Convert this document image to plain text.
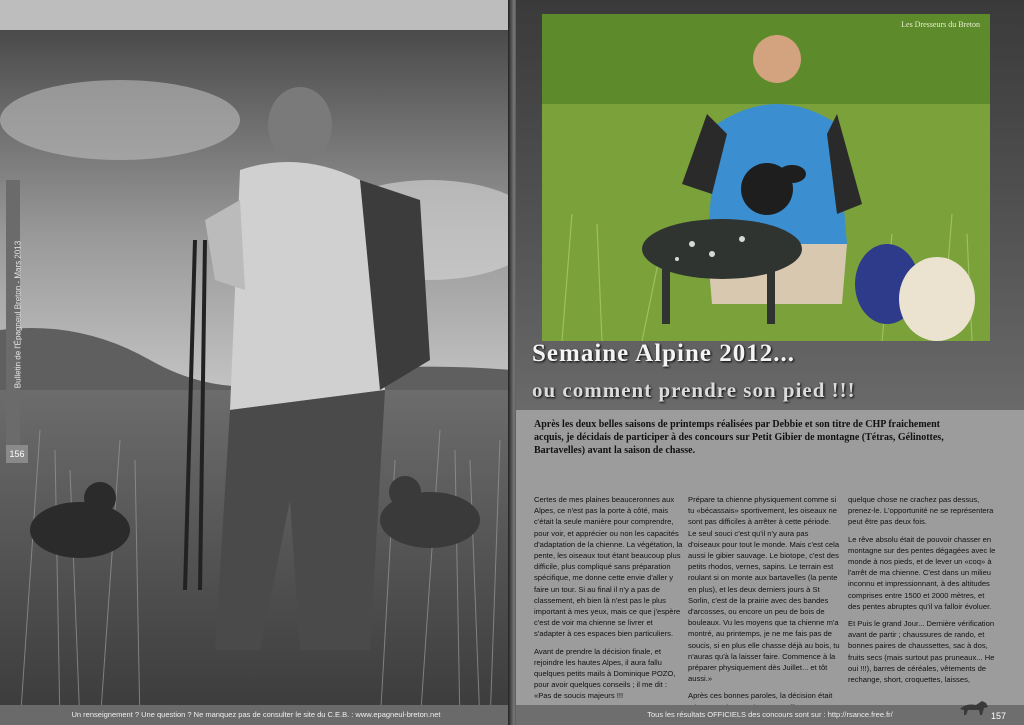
Bulletin de l'Épagneul Breton - Mars 2013
156
Un renseignement ? Une question ? Ne manquez pas de consulter le site du C.E.B. : www.epagneul-breton.net
Les Dresseurs du Breton
Semaine Alpine 2012...
ou comment prendre son pied !!!
Après les deux belles saisons de printemps réalisées par Debbie et son titre de CHP fraichement acquis, je décidais de participer à des concours sur Petit Gibier de montagne (Tétras, Gélinottes, Bartavelles) avant la saison de chasse.

Certes de mes plaines beauceronnes aux Alpes, ce n'est pas la porte à côté, mais c'était la seule manière pour comprendre, pour voir, et apprécier ou non les capacités d'adaptation de la chienne. La végétation, la pente, les oiseaux tout étant beaucoup plus difficile, plus compliqué sans préparation spécifique, me donne cette envie d'aller y faire un tour. Si au final il n'y a pas de classement, eh bien là n'est pas le plus important à mes yeux, mais ce que j'espère c'est de voir ma chienne se livrer et s'adapter à ces espaces bien particuliers.

Avant de prendre la décision finale, et rejoindre les hautes Alpes, il aura fallu quelques petits mails à Dominique POZO, pour avoir quelques conseils ; il me dit : «Pas de soucis majeurs !!!

Prépare ta chienne physiquement comme si tu «bécassais» sportivement, les oiseaux ne sont pas difficiles à arrêter à cette période. Le seul souci c'est qu'il n'y aura pas d'oiseaux pour tout le monde. Mais c'est cela aussi le gibier sauvage. Le biotope, c'est des petits rhodos, vernes, sapins. Le terrain est roulant si on monte aux bartavelles (la pente en plus), et les deux derniers jours à St Sorlin, c'est de la prairie avec des bandes d'arcosses, ou encore un peu de bois de bouleaux. Vu les moyens que ta chienne m'a montré, au printemps, je ne me fais pas de soucis, si en plus elle chasse déjà au bois, tu n'auras qu'à la laisser faire. Commence à la préparer physiquement dès Juillet... et tôt aussi.»

Après ces bonnes paroles, la décision était

quelque chose ne crachez pas dessus, prenez-le. L'opportunité ne se représentera peut être pas deux fois.

Le rêve absolu était de pouvoir chasser en montagne sur des pentes dégagées avec le monde à nos pieds, et de lever un «coq» à l'arrêt de ma chienne. C'est dans un milieu inconnu et impressionnant, à des altitudes comprises entre 1500 et 2000 mètres, et des pentes abruptes qu'il va falloir évoluer.

Et Puis le grand Jour... Dernière vérification avant de partir ; chaussures de rando, et bonnes paires de chaussettes, sac à dos, fruits secs (mais surtout pas pruneaux... He oui !!!), barres de céréales, vêtements de rechange, short, croquettes, laisses,

Tous les résultats OFFICIELS des concours sont sur : http://rsance.free.fr/	157
